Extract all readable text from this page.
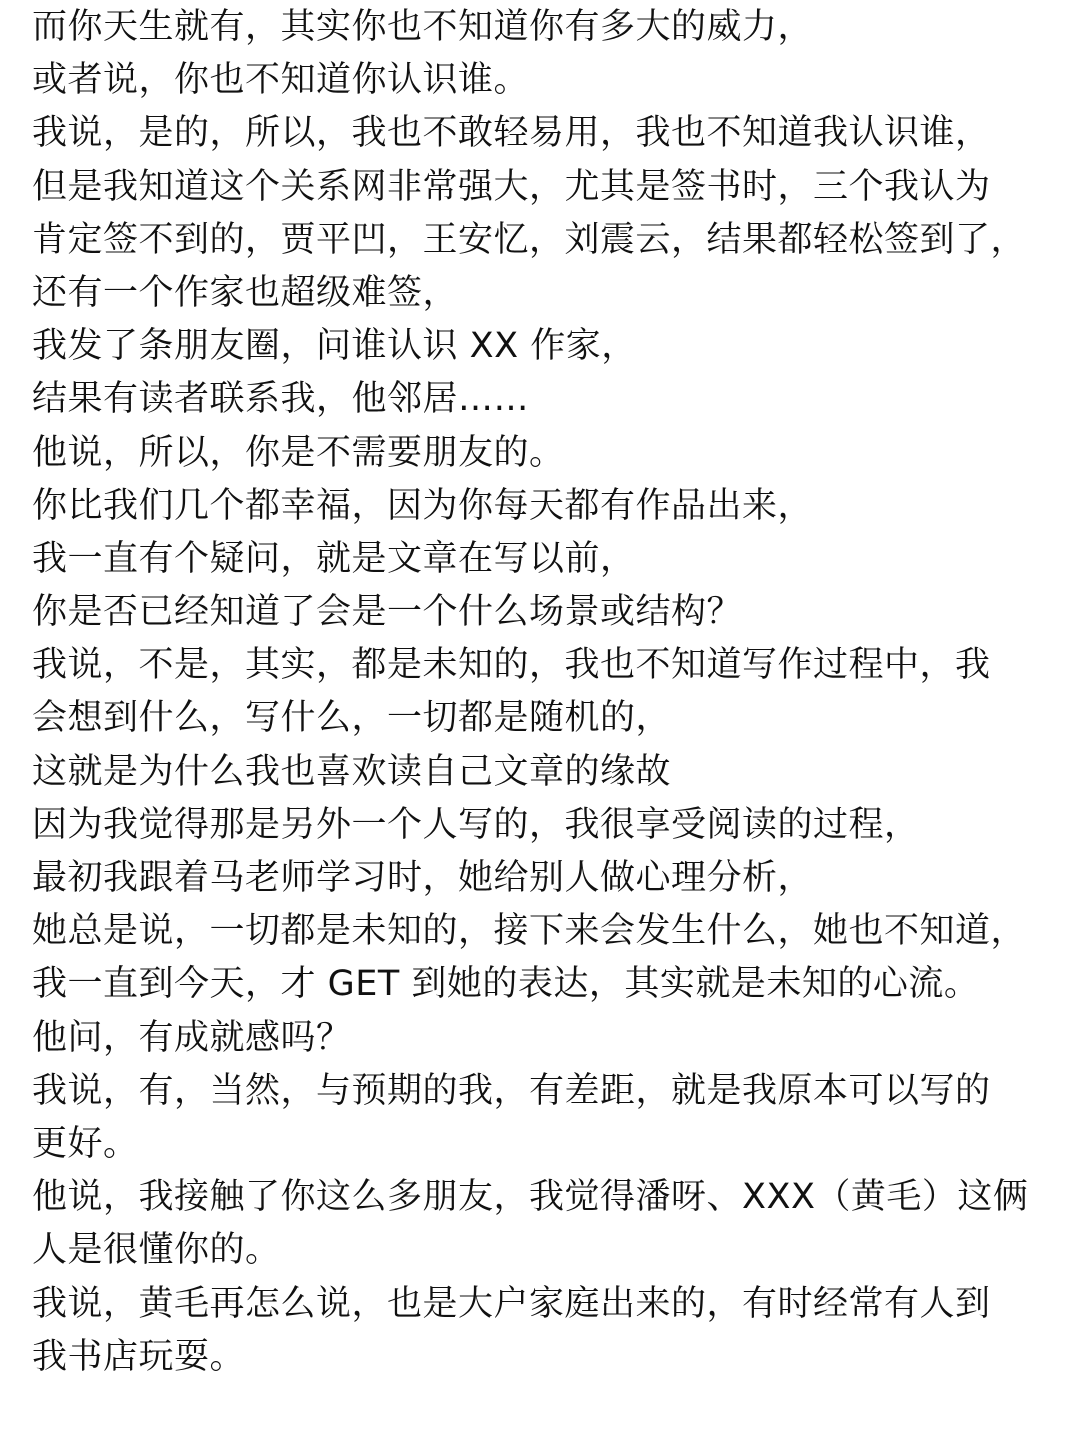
而你天生就有，其实你也不知道你有多大的威力，
或者说，你也不知道你认识谁。
我说，是的，所以，我也不敢轻易用，我也不知道我认识谁，
但是我知道这个关系网非常强大，尤其是签书时，三个我认为
肯定签不到的，贾平凹，王安忆，刘震云，结果都轻松签到了，
还有一个作家也超级难签，
我发了条朋友圈，问谁认识 XX 作家，
结果有读者联系我，他邻居……
他说，所以，你是不需要朋友的。
你比我们几个都幸福，因为你每天都有作品出来，
我一直有个疑问，就是文章在写以前，
你是否已经知道了会是一个什么场景或结构？
我说，不是，其实，都是未知的，我也不知道写作过程中，我
会想到什么，写什么，一切都是随机的，
这就是为什么我也喜欢读自己文章的缘故
因为我觉得那是另外一个人写的，我很享受阅读的过程，
最初我跟着马老师学习时，她给别人做心理分析，
她总是说，一切都是未知的，接下来会发生什么，她也不知道，
我一直到今天，才 GET 到她的表达，其实就是未知的心流。
他问，有成就感吗？
我说，有，当然，与预期的我，有差距，就是我原本可以写的
更好。
他说，我接触了你这么多朋友，我觉得潘呀、XXX（黄毛）这俩
人是很懂你的。
我说，黄毛再怎么说，也是大户家庭出来的，有时经常有人到
我书店玩耍。
